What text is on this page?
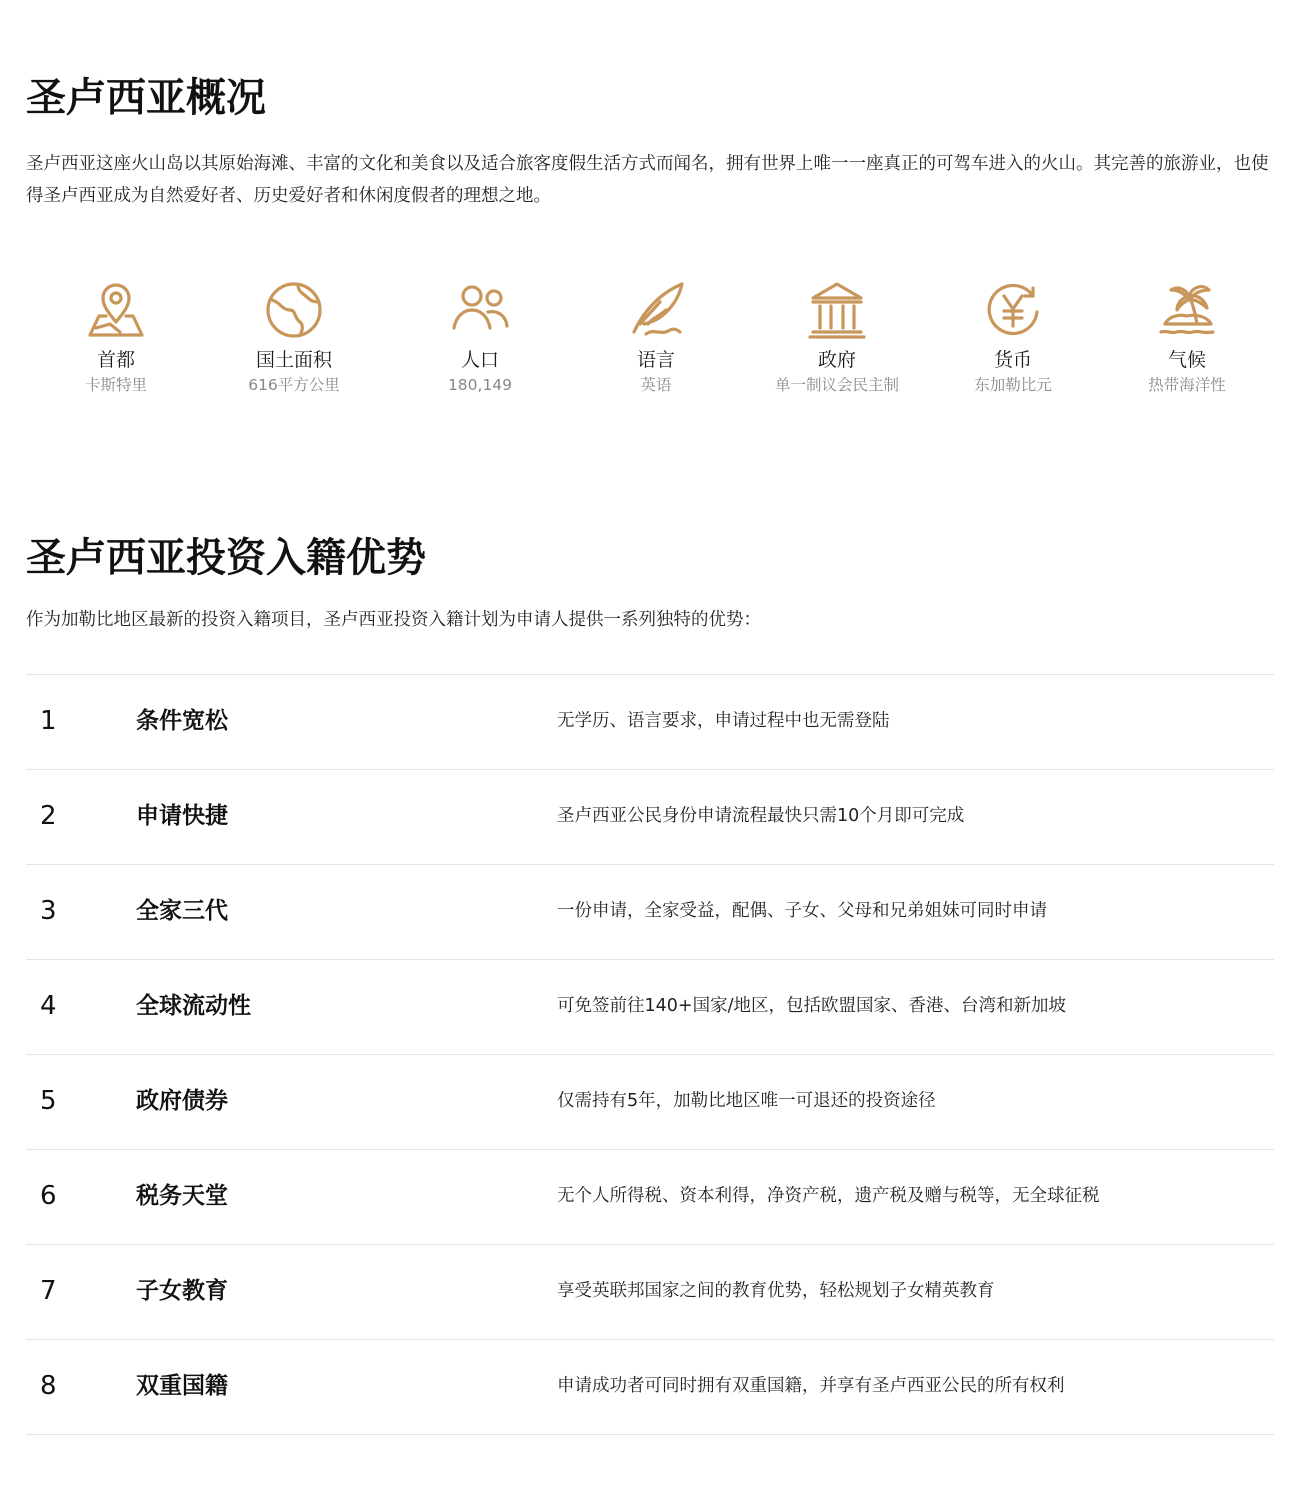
圣卢西亚概况

圣卢西亚这座火山岛以其原始海滩、丰富的文化和美食以及适合旅客度假生活方式而闻名，拥有世界上唯一一座真正的可驾车进入的火山。其完善的旅游业，也使得圣卢西亚成为自然爱好者、历史爱好者和休闲度假者的理想之地。

首都
卡斯特里
国土面积
616平方公里
人口
180,149
语言
英语
政府
单一制议会民主制
货币
东加勒比元
气候
热带海洋性
圣卢西亚投资入籍优势

作为加勒比地区最新的投资入籍项目，圣卢西亚投资入籍计划为申请人提供一系列独特的优势：

1	条件宽松	无学历、语言要求，申请过程中也无需登陆
2	申请快捷	圣卢西亚公民身份申请流程最快只需10个月即可完成
3	全家三代	一份申请，全家受益，配偶、子女、父母和兄弟姐妹可同时申请
4	全球流动性	可免签前往140+国家/地区，包括欧盟国家、香港、台湾和新加坡
5	政府债券	仅需持有5年，加勒比地区唯一可退还的投资途径
6	税务天堂	无个人所得税、资本利得，净资产税，遗产税及赠与税等，无全球征税
7	子女教育	享受英联邦国家之间的教育优势，轻松规划子女精英教育
8	双重国籍	申请成功者可同时拥有双重国籍，并享有圣卢西亚公民的所有权利
